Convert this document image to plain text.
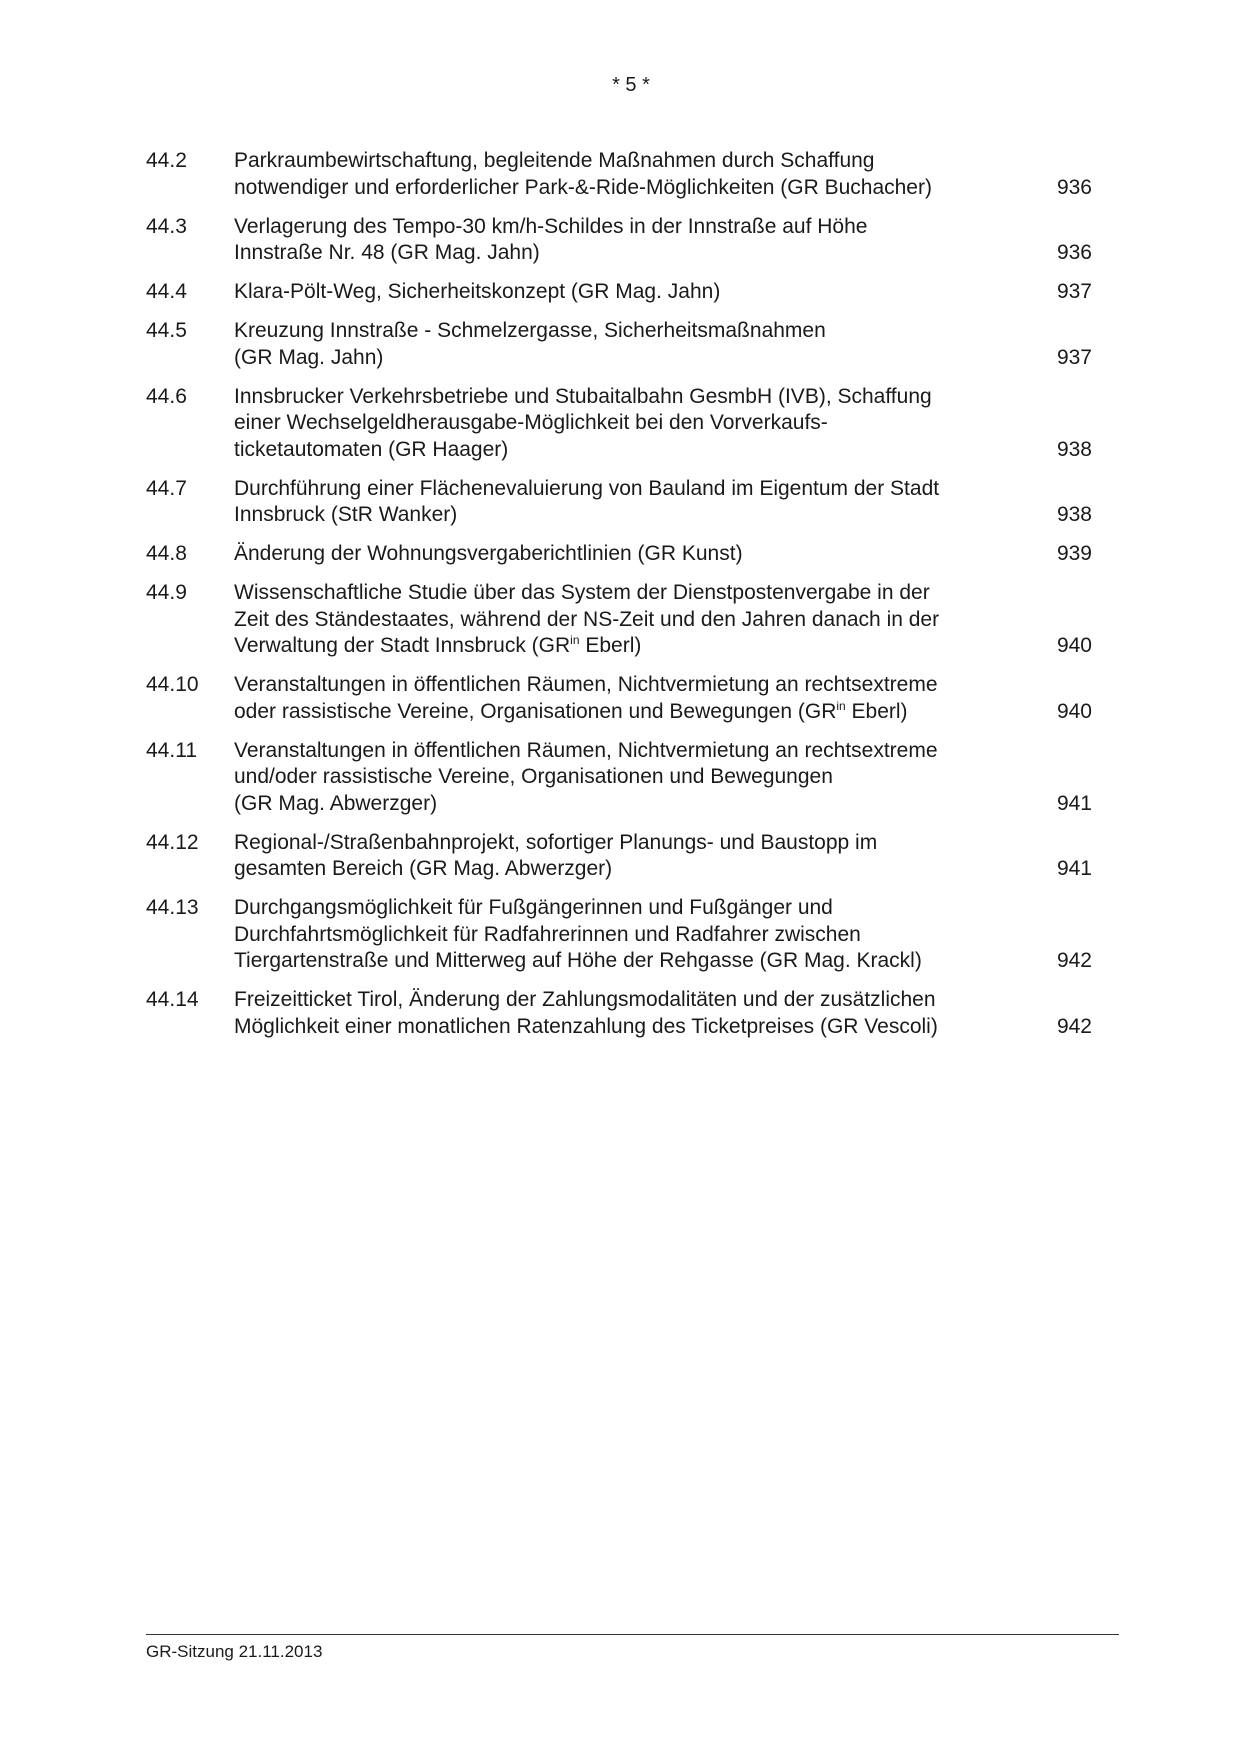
* 5 *
44.2	Parkraumbewirtschaftung, begleitende Maßnahmen durch Schaffung
notwendiger und erforderlicher Park-&-Ride-Möglichkeiten (GR Buchacher)	936
44.3	Verlagerung des Tempo-30 km/h-Schildes in der Innstraße auf Höhe
Innstraße Nr. 48 (GR Mag. Jahn)	936
44.4	Klara-Pölt-Weg, Sicherheitskonzept (GR Mag. Jahn)	937
44.5	Kreuzung Innstraße - Schmelzergasse, Sicherheitsmaßnahmen
(GR Mag. Jahn)	937
44.6	Innsbrucker Verkehrsbetriebe und Stubaitalbahn GesmbH (IVB), Schaffung
einer Wechselgeldherausgabe-Möglichkeit bei den Vorverkaufs-
ticketautomaten (GR Haager)	938
44.7	Durchführung einer Flächenevaluierung von Bauland im Eigentum der Stadt
Innsbruck (StR Wanker)	938
44.8	Änderung der Wohnungsvergaberichtlinien (GR Kunst)	939
44.9	Wissenschaftliche Studie über das System der Dienstpostenvergabe in der
Zeit des Ständestaates, während der NS-Zeit und den Jahren danach in der
Verwaltung der Stadt Innsbruck ($GR^{in}$ Eberl)	940
44.10	Veranstaltungen in öffentlichen Räumen, Nichtvermietung an rechtsextreme
oder rassistische Vereine, Organisationen und Bewegungen ($GR^{in}$ Eberl)	940
44.11	Veranstaltungen in öffentlichen Räumen, Nichtvermietung an rechtsextreme
und/oder rassistische Vereine, Organisationen und Bewegungen
(GR Mag. Abwerzger)	941
44.12	Regional-/Straßenbahnprojekt, sofortiger Planungs- und Baustopp im
gesamten Bereich (GR Mag. Abwerzger)	941
44.13	Durchgangsmöglichkeit für Fußgängerinnen und Fußgänger und
Durchfahrtsmöglichkeit für Radfahrerinnen und Radfahrer zwischen
Tiergartenstraße und Mitterweg auf Höhe der Rehgasse (GR Mag. Krackl)	942
44.14	Freizeitticket Tirol, Änderung der Zahlungsmodalitäten und der zusätzlichen
Möglichkeit einer monatlichen Ratenzahlung des Ticketpreises (GR Vescoli)	942
GR-Sitzung 21.11.2013
